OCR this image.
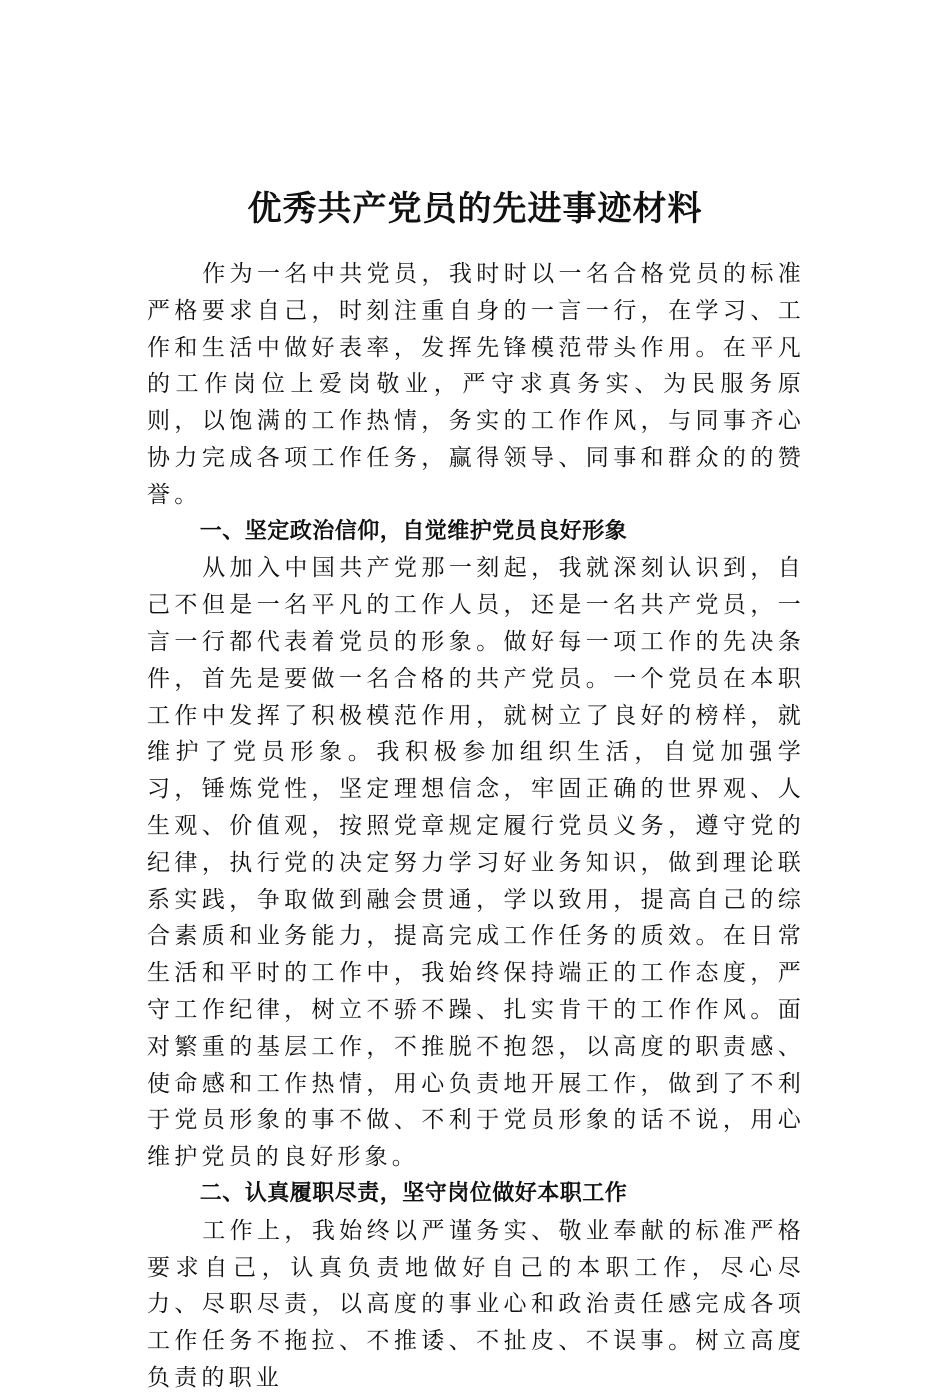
优秀共产党员的先进事迹材料

作为一名中共党员，我时时以一名合格党员的标准严格要求自己，时刻注重自身的一言一行，在学习、工作和生活中做好表率，发挥先锋模范带头作用。在平凡的工作岗位上爱岗敬业，严守求真务实、为民服务原则，以饱满的工作热情，务实的工作作风，与同事齐心协力完成各项工作任务，赢得领导、同事和群众的的赞誉。

一、坚定政治信仰，自觉维护党员良好形象

从加入中国共产党那一刻起，我就深刻认识到，自己不但是一名平凡的工作人员，还是一名共产党员，一言一行都代表着党员的形象。做好每一项工作的先决条件，首先是要做一名合格的共产党员。一个党员在本职工作中发挥了积极模范作用，就树立了良好的榜样，就维护了党员形象。我积极参加组织生活，自觉加强学习，锤炼党性，坚定理想信念，牢固正确的世界观、人生观、价值观，按照党章规定履行党员义务，遵守党的纪律，执行党的决定努力学习好业务知识，做到理论联系实践，争取做到融会贯通，学以致用，提高自己的综合素质和业务能力，提高完成工作任务的质效。在日常生活和平时的工作中，我始终保持端正的工作态度，严守工作纪律，树立不骄不躁、扎实肯干的工作作风。面对繁重的基层工作，不推脱不抱怨，以高度的职责感、使命感和工作热情，用心负责地开展工作，做到了不利于党员形象的事不做、不利于党员形象的话不说，用心维护党员的良好形象。

二、认真履职尽责，坚守岗位做好本职工作

工作上，我始终以严谨务实、敬业奉献的标准严格要求自己，认真负责地做好自己的本职工作，尽心尽力、尽职尽责，以高度的事业心和政治责任感完成各项工作任务不拖拉、不推诿、不扯皮、不误事。树立高度负责的职业
